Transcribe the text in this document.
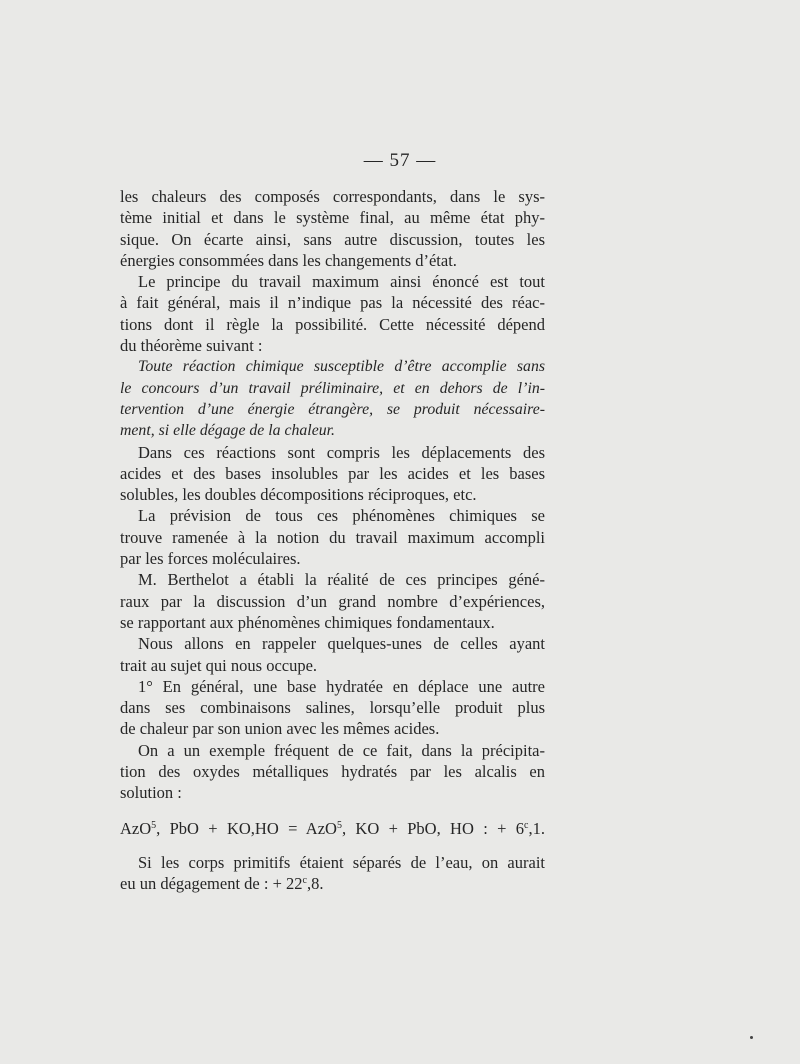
— 57 —
les chaleurs des composés correspondants, dans le sys-
tème initial et dans le système final, au même état phy-
sique. On écarte ainsi, sans autre discussion, toutes les
énergies consommées dans les changements d’état.
Le principe du travail maximum ainsi énoncé est tout
à fait général, mais il n’indique pas la nécessité des réac-
tions dont il règle la possibilité. Cette nécessité dépend
du théorème suivant :
Toute réaction chimique susceptible d’être accomplie sans
le concours d’un travail préliminaire, et en dehors de l’in-
tervention d’une énergie étrangère, se produit nécessaire-
ment, si elle dégage de la chaleur.
Dans ces réactions sont compris les déplacements des
acides et des bases insolubles par les acides et les bases
solubles, les doubles décompositions réciproques, etc.
La prévision de tous ces phénomènes chimiques se
trouve ramenée à la notion du travail maximum accompli
par les forces moléculaires.
M. Berthelot a établi la réalité de ces principes géné-
raux par la discussion d’un grand nombre d’expériences,
se rapportant aux phénomènes chimiques fondamentaux.
Nous allons en rappeler quelques-unes de celles ayant
trait au sujet qui nous occupe.
1° En général, une base hydratée en déplace une autre
dans ses combinaisons salines, lorsqu’elle produit plus
de chaleur par son union avec les mêmes acides.
On a un exemple fréquent de ce fait, dans la précipita-
tion des oxydes métalliques hydratés par les alcalis en
solution :
AzO$^5$, PbO + KO,HO = AzO$^5$, KO + PbO, HO : + $6^c,1$.
Si les corps primitifs étaient séparés de l’eau, on aurait
eu un dégagement de : + $22^c,8$.
